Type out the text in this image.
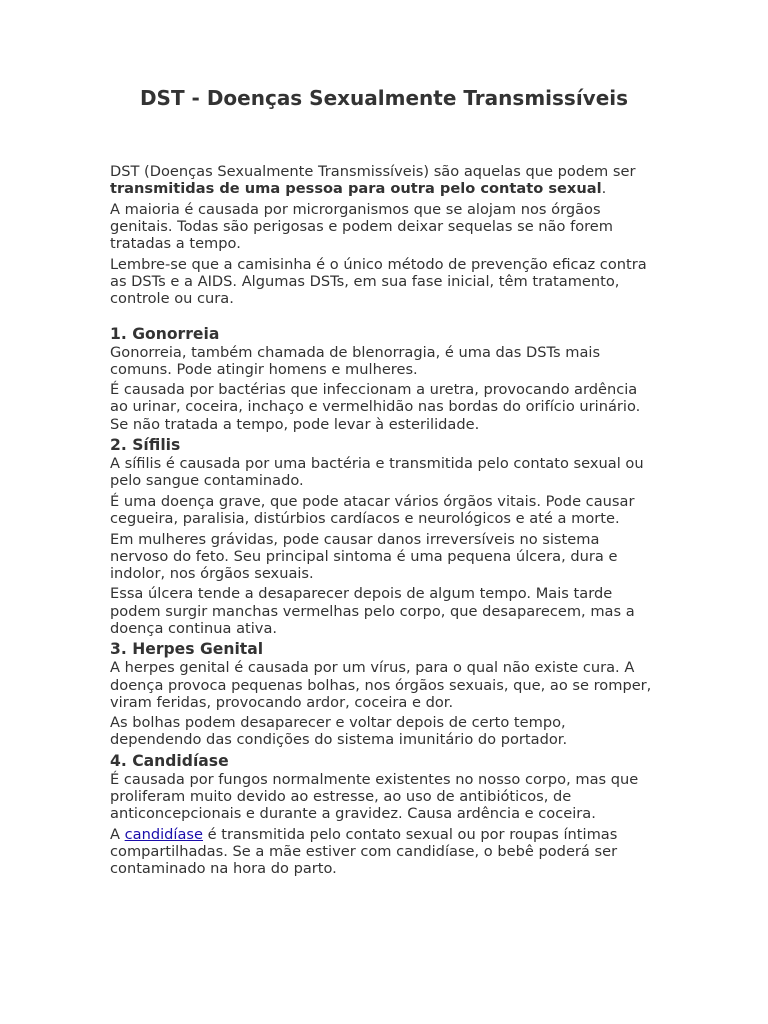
DST - Doenças Sexualmente Transmissíveis

DST (Doenças Sexualmente Transmissíveis) são aquelas que podem ser transmitidas de uma pessoa para outra pelo contato sexual.

A maioria é causada por microrganismos que se alojam nos órgãos genitais. Todas são perigosas e podem deixar sequelas se não forem tratadas a tempo.

Lembre-se que a camisinha é o único método de prevenção eficaz contra as DSTs e a AIDS. Algumas DSTs, em sua fase inicial, têm tratamento, controle ou cura.

1. Gonorreia

Gonorreia, também chamada de blenorragia, é uma das DSTs mais comuns. Pode atingir homens e mulheres.

É causada por bactérias que infeccionam a uretra, provocando ardência ao urinar, coceira, inchaço e vermelhidão nas bordas do orifício urinário. Se não tratada a tempo, pode levar à esterilidade.

2. Sífilis

A sífilis é causada por uma bactéria e transmitida pelo contato sexual ou pelo sangue contaminado.

É uma doença grave, que pode atacar vários órgãos vitais. Pode causar cegueira, paralisia, distúrbios cardíacos e neurológicos e até a morte.

Em mulheres grávidas, pode causar danos irreversíveis no sistema nervoso do feto. Seu principal sintoma é uma pequena úlcera, dura e indolor, nos órgãos sexuais.

Essa úlcera tende a desaparecer depois de algum tempo. Mais tarde podem surgir manchas vermelhas pelo corpo, que desaparecem, mas a doença continua ativa.

3. Herpes Genital

A herpes genital é causada por um vírus, para o qual não existe cura. A doença provoca pequenas bolhas, nos órgãos sexuais, que, ao se romper, viram feridas, provocando ardor, coceira e dor.

As bolhas podem desaparecer e voltar depois de certo tempo, dependendo das condições do sistema imunitário do portador.

4. Candidíase

É causada por fungos normalmente existentes no nosso corpo, mas que proliferam muito devido ao estresse, ao uso de antibióticos, de anticoncepcionais e durante a gravidez. Causa ardência e coceira.

A candidíase é transmitida pelo contato sexual ou por roupas íntimas compartilhadas. Se a mãe estiver com candidíase, o bebê poderá ser contaminado na hora do parto.
